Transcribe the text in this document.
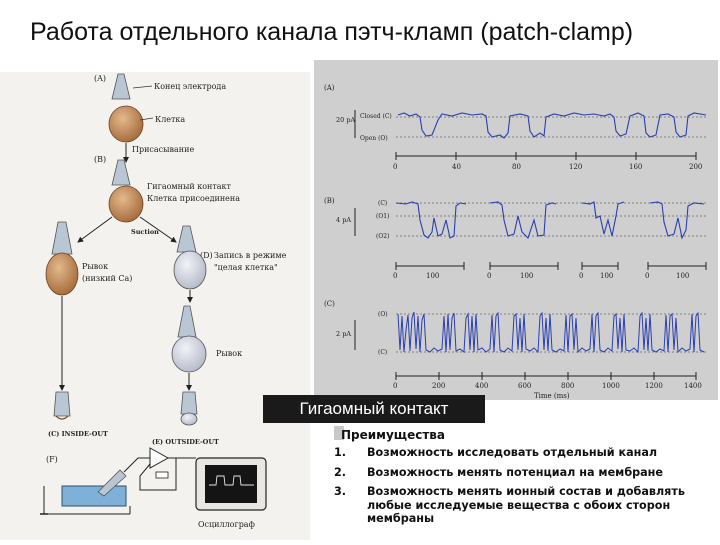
Работа отдельного канала пэтч-кламп (patch-clamp)
(A)
Конец электрода
Клетка
Присасывание
(B)
Гигаомный контакт
Клетка присоединена
Suction
Рывок
(низкий Са)
(C) INSIDE-OUT
(D) Запись в режиме
"целая клетка"
Рывок
(E) OUTSIDE-OUT
(F)
Осциллограф
(A)
20 pA Closed (C)
Open (O)
0	40	80	120	160	200
(B)
4 pA
(C)
(O1)
(O2)
0	100	0	100	0 100	0	100
(C)
2 pA
(O)
(C)
0	200	400	600	800	1000	1200	1400
Time (ms)
Гигаомный контакт
Преимущества
1. Возможность исследовать отдельный канал
2. Возможность менять потенциал на мембране
3. Возможность менять ионный состав и добавлять любые исследуемые вещества с обоих сторон мембраны
